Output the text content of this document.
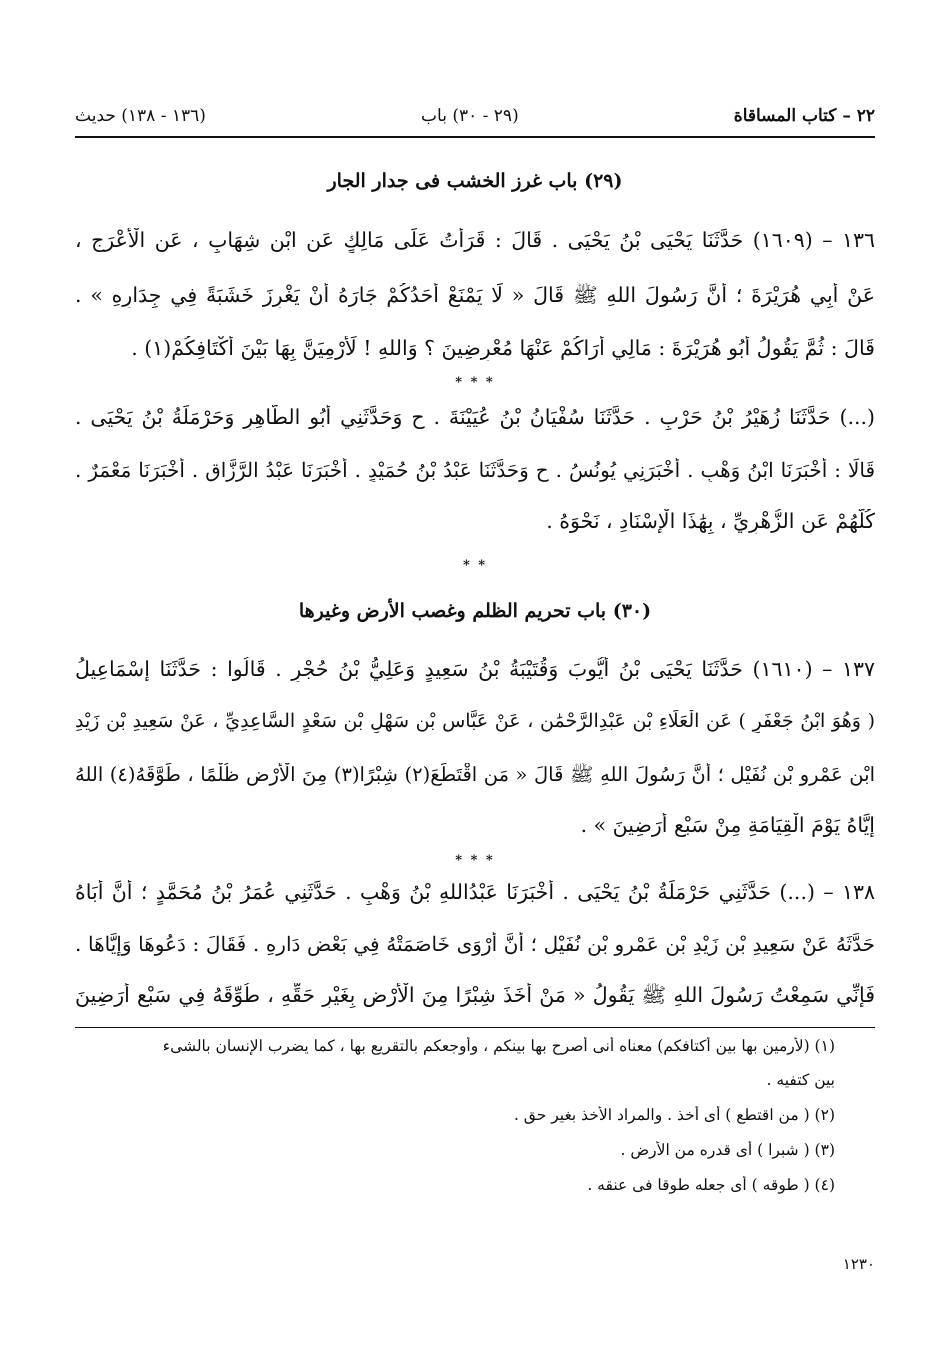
٢٢ – كتاب المساقاة
(٢٩ - ٣٠) باب
(١٣٦ - ١٣٨) حديث
(٢٩) باب غرز الخشب فى جدار الجار
١٣٦ – (١٦٠٩) حَدَّثَنَا يَحْيَى بْنُ يَحْيَى . قَالَ : قَرَأْتُ عَلَى مَالِكٍ عَنِ ابْنِ شِهَابٍ ، عَنِ الْأَعْرَجِ ،
عَنْ أَبِي هُرَيْرَةَ ؛ أَنَّ رَسُولَ اللهِ ﷺ قَالَ « لَا يَمْنَعْ أَحَدُكُمْ جَارَهُ أَنْ يَغْرِزَ خَشَبَةً فِي جِدَارِهِ » .
قَالَ : ثُمَّ يَقُولُ أَبُو هُرَيْرَةَ : مَالِي أَرَاكُمْ عَنْهَا مُعْرِضِينَ ؟ وَاللهِ ! لَأَرْمِيَنَّ بِهَا بَيْنَ أَكْتَافِكُمْ(١) .
* * *
(...) حَدَّثَنَا زُهَيْرُ بْنُ حَرْبٍ . حَدَّثَنَا سُفْيَانُ بْنُ عُيَيْنَةَ . ح وَحَدَّثَنِي أَبُو الطَّاهِرِ وَحَرْمَلَةُ بْنُ يَحْيَى .
قَالَا : أَخْبَرَنَا ابْنُ وَهْبٍ . أَخْبَرَنِي يُونُسُ . ح وَحَدَّثَنَا عَبْدُ بْنُ حُمَيْدٍ . أَخْبَرَنَا عَبْدُ الرَّزَّاقِ . أَخْبَرَنَا مَعْمَرٌ .
كُلُّهُمْ عَنِ الزُّهْرِيِّ ، بِهَٰذَا الْإِسْنَادِ ، نَحْوَهُ .
* *
(٣٠) باب تحريم الظلم وغصب الأرض وغيرها
١٣٧ – (١٦١٠) حَدَّثَنَا يَحْيَى بْنُ أَيُّوبَ وَقُتَيْبَةُ بْنُ سَعِيدٍ وَعَلِيُّ بْنُ حُجْرٍ . قَالُوا : حَدَّثَنَا إِسْمَاعِيلُ
( وَهُوَ ابْنُ جَعْفَرٍ ) عَنِ الْعَلَاءِ بْنِ عَبْدِالرَّحْمَٰنِ ، عَنْ عَبَّاسِ بْنِ سَهْلِ بْنِ سَعْدٍ السَّاعِدِيِّ ، عَنْ سَعِيدِ بْنِ زَيْدِ
ابْنِ عَمْرِو بْنِ نُفَيْلٍ ؛ أَنَّ رَسُولَ اللهِ ﷺ قَالَ « مَنِ اقْتَطَعَ(٢) شِبْرًا(٣) مِنَ الْأَرْضِ ظُلْمًا ، طَوَّقَهُ(٤) اللهُ
إِيَّاهُ يَوْمَ الْقِيَامَةِ مِنْ سَبْعِ أَرَضِينَ » .
* * *
١٣٨ – (...) حَدَّثَنِي حَرْمَلَةُ بْنُ يَحْيَى . أَخْبَرَنَا عَبْدُاللهِ بْنُ وَهْبٍ . حَدَّثَنِي عُمَرُ بْنُ مُحَمَّدٍ ؛ أَنَّ أَبَاهُ
حَدَّثَهُ عَنْ سَعِيدِ بْنِ زَيْدِ بْنِ عَمْرِو بْنِ نُفَيْلٍ ؛ أَنَّ أَرْوَى خَاصَمَتْهُ فِي بَعْضِ دَارِهِ . فَقَالَ : دَعُوهَا وَإِيَّاهَا .
فَإِنِّي سَمِعْتُ رَسُولَ اللهِ ﷺ يَقُولُ « مَنْ أَخَذَ شِبْرًا مِنَ الْأَرْضِ بِغَيْرِ حَقِّهِ ، طُوِّقَهُ فِي سَبْعِ أَرَضِينَ
(١) (لأرمين بها بين أكتافكم) معناه أنى أصرح بها بينكم ، وأوجعكم بالتقريع بها ، كما يضرب الإنسان بالشىء
بين كتفيه .
(٢) ( من اقتطع ) أى أخذ . والمراد الأخذ بغير حق .
(٣) ( شبرا ) أى قدره من الأرض .
(٤) ( طوقه ) أى جعله طوقا فى عنقه .
١٢٣٠
